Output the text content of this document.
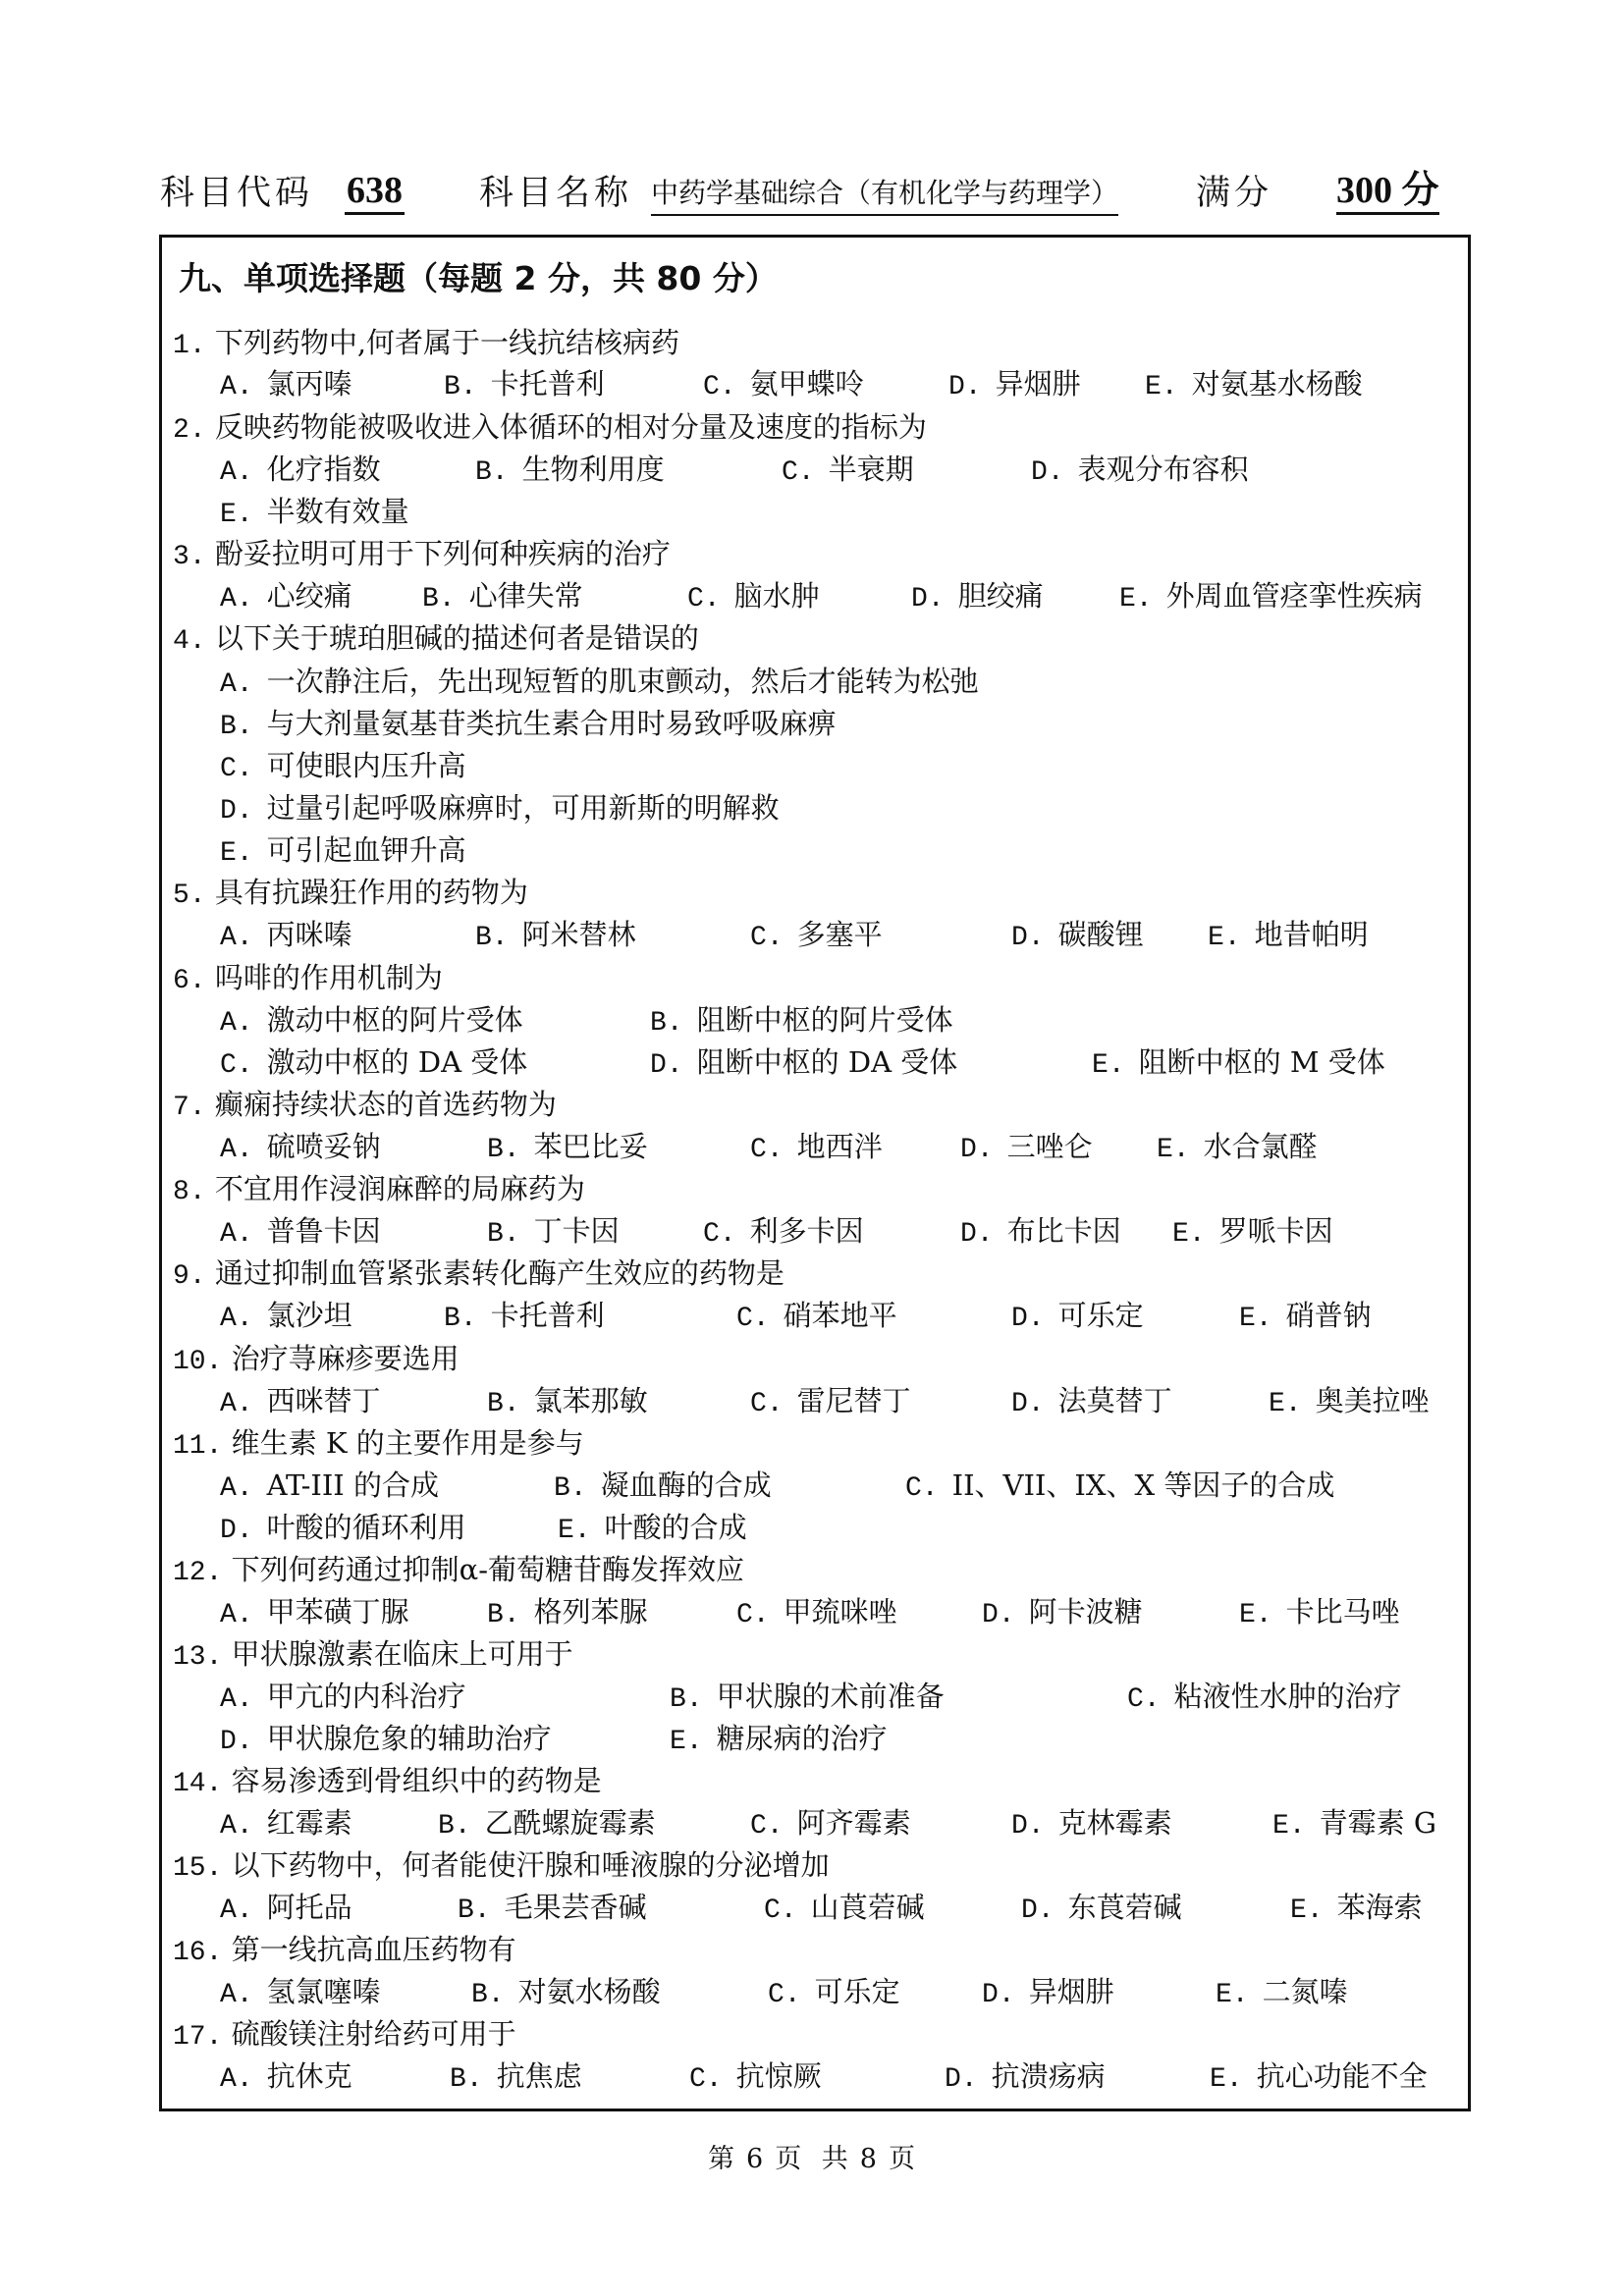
科目代码 638 科目名称 中药学基础综合（有机化学与药理学） 满分 300 分
九、单项选择题（每题 2 分，共 80 分）
1. 下列药物中,何者属于一线抗结核病药
A. 氯丙嗪	B. 卡托普利	C. 氨甲蝶呤	D. 异烟肼 E. 对氨基水杨酸
2. 反映药物能被吸收进入体循环的相对分量及速度的指标为
A. 化疗指数	B. 生物利用度	C. 半衰期	D. 表观分布容积
E. 半数有效量
3. 酚妥拉明可用于下列何种疾病的治疗
A. 心绞痛	B. 心律失常	C. 脑水肿	D. 胆绞痛	E. 外周血管痉挛性疾病
4. 以下关于琥珀胆碱的描述何者是错误的
A. 一次静注后，先出现短暂的肌束颤动，然后才能转为松弛
B. 与大剂量氨基苷类抗生素合用时易致呼吸麻痹
C. 可使眼内压升高
D. 过量引起呼吸麻痹时，可用新斯的明解救
E. 可引起血钾升高
5. 具有抗躁狂作用的药物为
A. 丙咪嗪	B. 阿米替林	C. 多塞平	D. 碳酸锂 E. 地昔帕明
6. 吗啡的作用机制为
A. 激动中枢的阿片受体	B. 阻断中枢的阿片受体
C. 激动中枢的 DA 受体	D. 阻断中枢的 DA 受体	E. 阻断中枢的 M 受体
7. 癫痫持续状态的首选药物为
A. 硫喷妥钠	B. 苯巴比妥	C. 地西泮	D. 三唑仑 E. 水合氯醛
8. 不宜用作浸润麻醉的局麻药为
A. 普鲁卡因	B. 丁卡因	C. 利多卡因	D. 布比卡因 E. 罗哌卡因
9. 通过抑制血管紧张素转化酶产生效应的药物是
A. 氯沙坦	B. 卡托普利	C. 硝苯地平	D. 可乐定	E. 硝普钠
10. 治疗荨麻疹要选用
A. 西咪替丁	B. 氯苯那敏	C. 雷尼替丁	D. 法莫替丁	E. 奥美拉唑
11. 维生素 K 的主要作用是参与
A. AT-III 的合成	B. 凝血酶的合成	C. II、VII、IX、X 等因子的合成
D. 叶酸的循环利用	E. 叶酸的合成
12. 下列何药通过抑制α-葡萄糖苷酶发挥效应
A. 甲苯磺丁脲	B. 格列苯脲	C. 甲巯咪唑	D. 阿卡波糖	E. 卡比马唑
13. 甲状腺激素在临床上可用于
A. 甲亢的内科治疗	B. 甲状腺的术前准备	C. 粘液性水肿的治疗
D. 甲状腺危象的辅助治疗	E. 糖尿病的治疗
14. 容易渗透到骨组织中的药物是
A. 红霉素	B. 乙酰螺旋霉素	C. 阿齐霉素	D. 克林霉素	E. 青霉素 G
15. 以下药物中，何者能使汗腺和唾液腺的分泌增加
A. 阿托品	B. 毛果芸香碱	C. 山莨菪碱	D. 东莨菪碱	E. 苯海索
16. 第一线抗高血压药物有
A. 氢氯噻嗪	B. 对氨水杨酸	C. 可乐定	D. 异烟肼	E. 二氮嗪
17. 硫酸镁注射给药可用于
A. 抗休克	B. 抗焦虑	C. 抗惊厥	D. 抗溃疡病	E. 抗心功能不全
第 6 页 共 8 页
